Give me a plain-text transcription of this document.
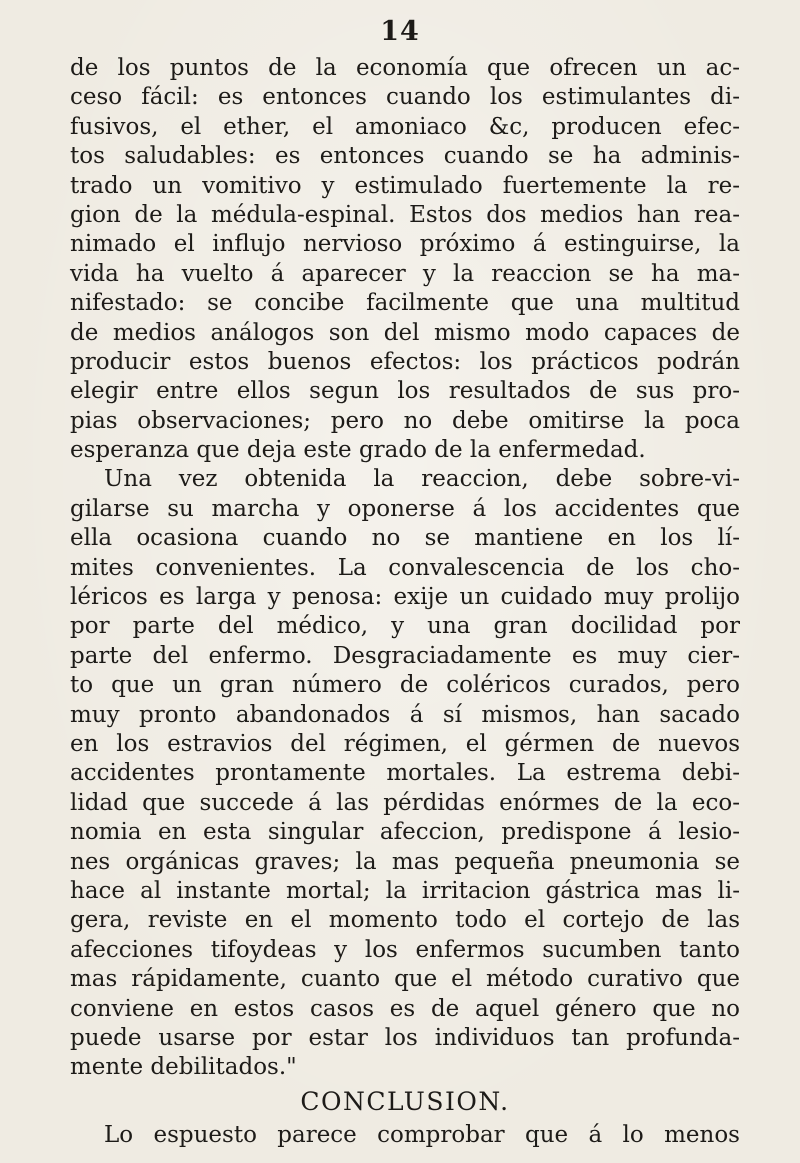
14
de los puntos de la economía que ofrecen un ac-
ceso fácil: es entonces cuando los estimulantes di-
fusivos, el ether, el amoniaco &c, producen efec-
tos saludables: es entonces cuando se ha adminis-
trado un vomitivo y estimulado fuertemente la re-
gion de la médula-espinal. Estos dos medios han rea-
nimado el influjo nervioso próximo á estinguirse, la
vida ha vuelto á aparecer y la reaccion se ha ma-
nifestado: se concibe facilmente que una multitud
de medios análogos son del mismo modo capaces de
producir estos buenos efectos: los prácticos podrán
elegir entre ellos segun los resultados de sus pro-
pias observaciones; pero no debe omitirse la poca
esperanza que deja este grado de la enfermedad.
Una vez obtenida la reaccion, debe sobre-vi-
gilarse su marcha y oponerse á los accidentes que
ella ocasiona cuando no se mantiene en los lí-
mites convenientes. La convalescencia de los cho-
léricos es larga y penosa: exije un cuidado muy prolijo
por parte del médico, y una gran docilidad por
parte del enfermo. Desgraciadamente es muy cier-
to que un gran número de coléricos curados, pero
muy pronto abandonados á sí mismos, han sacado
en los estravios del régimen, el gérmen de nuevos
accidentes prontamente mortales. La estrema debi-
lidad que succede á las pérdidas enórmes de la eco-
nomia en esta singular afeccion, predispone á lesio-
nes orgánicas graves; la mas pequeña pneumonia se
hace al instante mortal; la irritacion gástrica mas li-
gera, reviste en el momento todo el cortejo de las
afecciones tifoydeas y los enfermos sucumben tanto
mas rápidamente, cuanto que el método curativo que
conviene en estos casos es de aquel género que no
puede usarse por estar los individuos tan profunda-
mente debilitados."
CONCLUSION.
Lo espuesto parece comprobar que á lo menos
